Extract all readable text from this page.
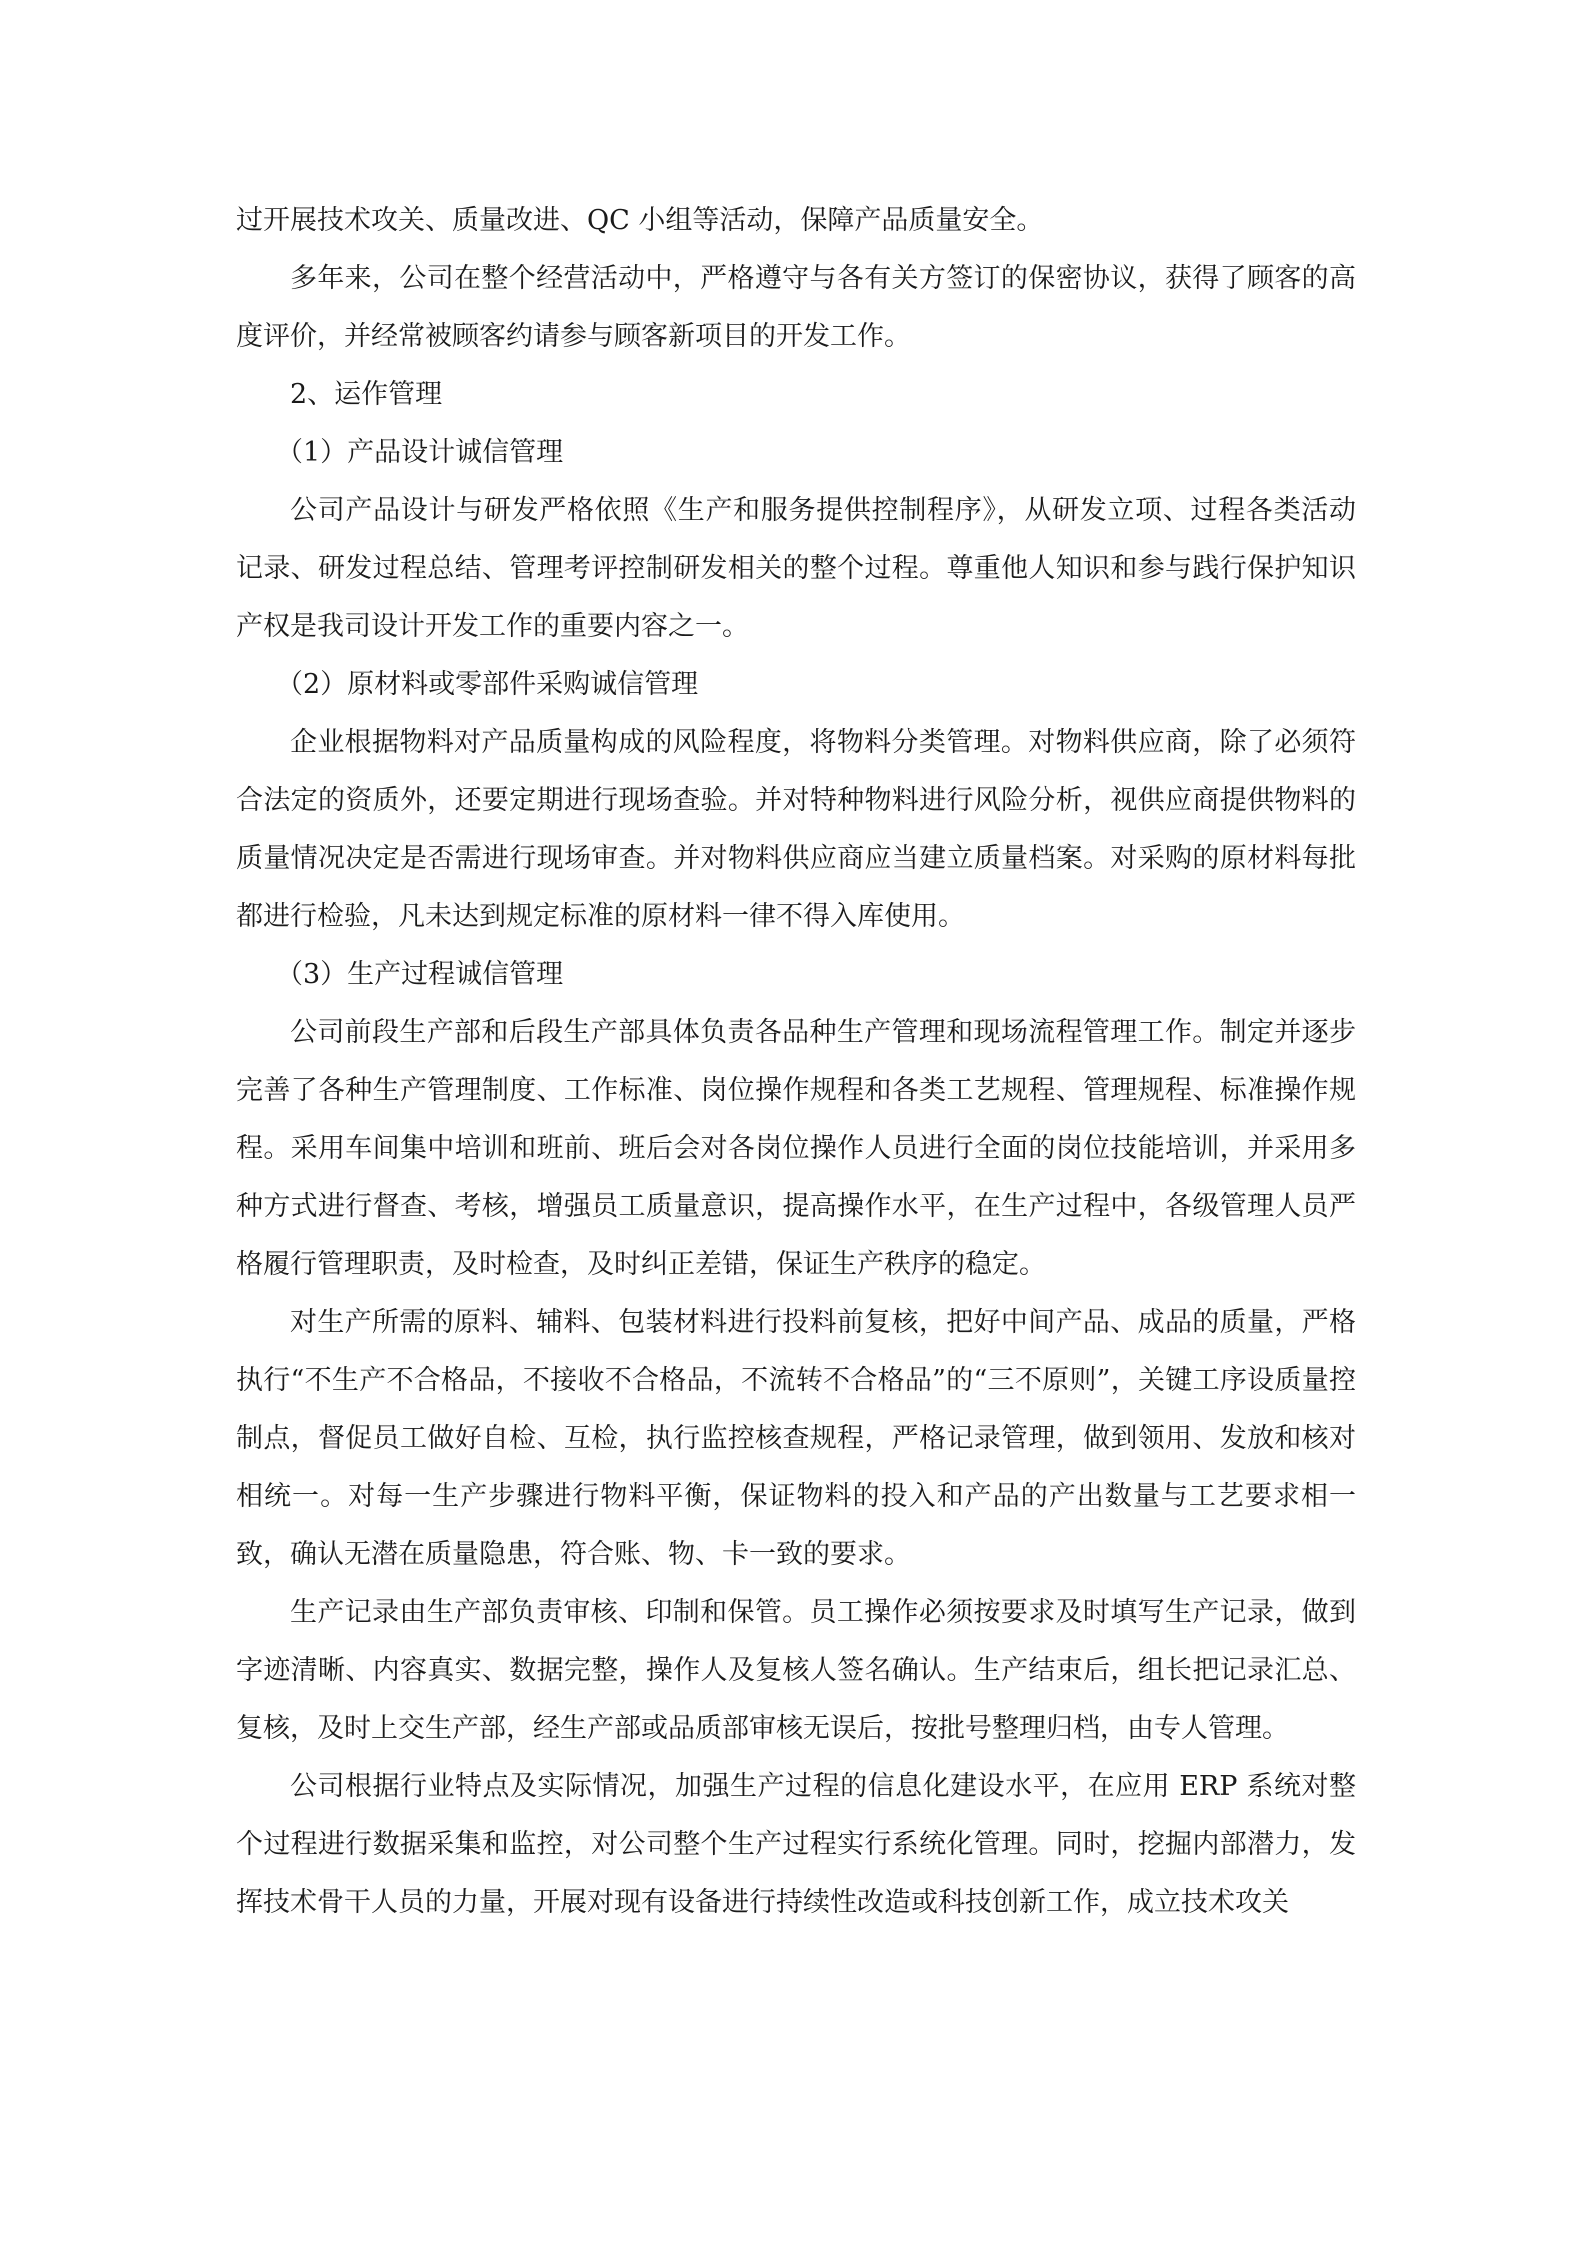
过开展技术攻关、质量改进、QC 小组等活动，保障产品质量安全。

多年来，公司在整个经营活动中，严格遵守与各有关方签订的保密协议，获得了顾客的高度评价，并经常被顾客约请参与顾客新项目的开发工作。

2、运作管理

（1）产品设计诚信管理

公司产品设计与研发严格依照《生产和服务提供控制程序》，从研发立项、过程各类活动记录、研发过程总结、管理考评控制研发相关的整个过程。尊重他人知识和参与践行保护知识产权是我司设计开发工作的重要内容之一。

（2）原材料或零部件采购诚信管理

企业根据物料对产品质量构成的风险程度，将物料分类管理。对物料供应商，除了必须符合法定的资质外，还要定期进行现场查验。并对特种物料进行风险分析，视供应商提供物料的质量情况决定是否需进行现场审查。并对物料供应商应当建立质量档案。对采购的原材料每批都进行检验，凡未达到规定标准的原材料一律不得入库使用。

（3）生产过程诚信管理

公司前段生产部和后段生产部具体负责各品种生产管理和现场流程管理工作。制定并逐步完善了各种生产管理制度、工作标准、岗位操作规程和各类工艺规程、管理规程、标准操作规程。采用车间集中培训和班前、班后会对各岗位操作人员进行全面的岗位技能培训，并采用多种方式进行督查、考核，增强员工质量意识，提高操作水平，在生产过程中，各级管理人员严格履行管理职责，及时检查，及时纠正差错，保证生产秩序的稳定。

对生产所需的原料、辅料、包装材料进行投料前复核，把好中间产品、成品的质量，严格执行“不生产不合格品，不接收不合格品，不流转不合格品”的“三不原则”，关键工序设质量控制点，督促员工做好自检、互检，执行监控核查规程，严格记录管理，做到领用、发放和核对相统一。对每一生产步骤进行物料平衡，保证物料的投入和产品的产出数量与工艺要求相一致，确认无潜在质量隐患，符合账、物、卡一致的要求。

生产记录由生产部负责审核、印制和保管。员工操作必须按要求及时填写生产记录，做到字迹清晰、内容真实、数据完整，操作人及复核人签名确认。生产结束后，组长把记录汇总、复核，及时上交生产部，经生产部或品质部审核无误后，按批号整理归档，由专人管理。

公司根据行业特点及实际情况，加强生产过程的信息化建设水平，在应用 ERP 系统对整个过程进行数据采集和监控，对公司整个生产过程实行系统化管理。同时，挖掘内部潜力，发挥技术骨干人员的力量，开展对现有设备进行持续性改造或科技创新工作，成立技术攻关
